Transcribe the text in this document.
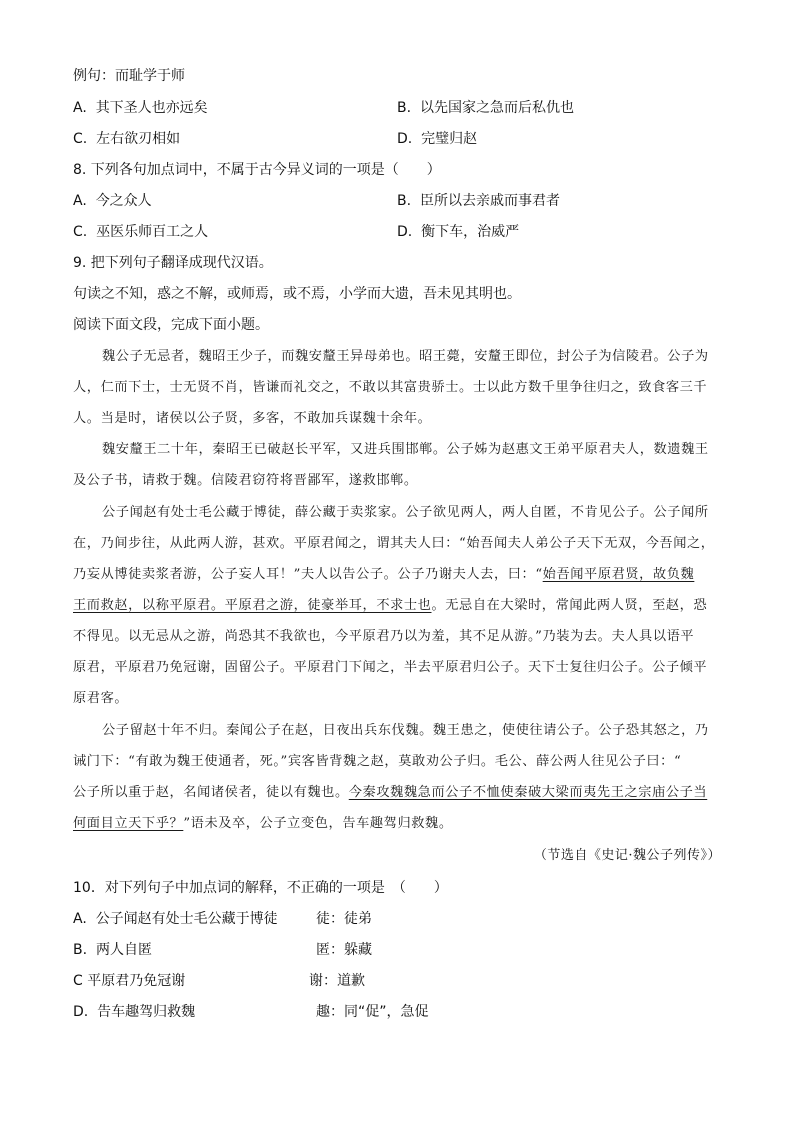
例句：而耻学于师
A. 其下圣人也亦远矣	B. 以先国家之急而后私仇也
C. 左右欲刃相如	D. 完璧归赵
8. 下列各句加点词中，不属于古今异义词的一项是（　　）
A. 今之众人	B. 臣所以去亲戚而事君者
C. 巫医乐师百工之人	D. 衡下车，治威严
9. 把下列句子翻译成现代汉语。
句读之不知，惑之不解，或师焉，或不焉，小学而大遗，吾未见其明也。
阅读下面文段，完成下面小题。
魏公子无忌者，魏昭王少子，而魏安釐王异母弟也。昭王薨，安釐王即位，封公子为信陵君。公子为
人，仁而下士，士无贤不肖，皆谦而礼交之，不敢以其富贵骄士。士以此方数千里争往归之，致食客三千
人。当是时，诸侯以公子贤，多客，不敢加兵谋魏十余年。
魏安釐王二十年，秦昭王已破赵长平军，又进兵围邯郸。公子姊为赵惠文王弟平原君夫人，数遗魏王
及公子书，请救于魏。信陵君窃符将晋鄙军，遂救邯郸。
公子闻赵有处士毛公藏于博徒，薛公藏于卖浆家。公子欲见两人，两人自匿，不肯见公子。公子闻所
在，乃间步往，从此两人游，甚欢。平原君闻之，谓其夫人曰：“始吾闻夫人弟公子天下无双，今吾闻之，
乃妄从博徒卖浆者游，公子妄人耳！”夫人以告公子。公子乃谢夫人去，曰：“始吾闻平原君贤，故负魏
王而救赵，以称平原君。平原君之游，徒豪举耳，不求士也。无忌自在大梁时，常闻此两人贤，至赵，恐
不得见。以无忌从之游，尚恐其不我欲也，今平原君乃以为羞，其不足从游。”乃装为去。夫人具以语平
原君，平原君乃免冠谢，固留公子。平原君门下闻之，半去平原君归公子。天下士复往归公子。公子倾平
原君客。
公子留赵十年不归。秦闻公子在赵，日夜出兵东伐魏。魏王患之，使使往请公子。公子恐其怒之，乃
诫门下：“有敢为魏王使通者，死。”宾客皆背魏之赵，莫敢劝公子归。毛公、薛公两人往见公子曰：“
公子所以重于赵，名闻诸侯者，徒以有魏也。今秦攻魏魏急而公子不恤使秦破大梁而夷先王之宗庙公子当
何面目立天下乎？”语未及卒，公子立变色，告车趣驾归救魏。
（节选自《史记·魏公子列传》）
10．对下列句子中加点词的解释，不正确的一项是　（　　）
A. 公子闻赵有处士毛公藏于博徒	徒：徒弟
B. 两人自匿	匿：躲藏
C 平原君乃免冠谢	谢：道歉
D. 告车趣驾归救魏	趣：同“促”，急促
